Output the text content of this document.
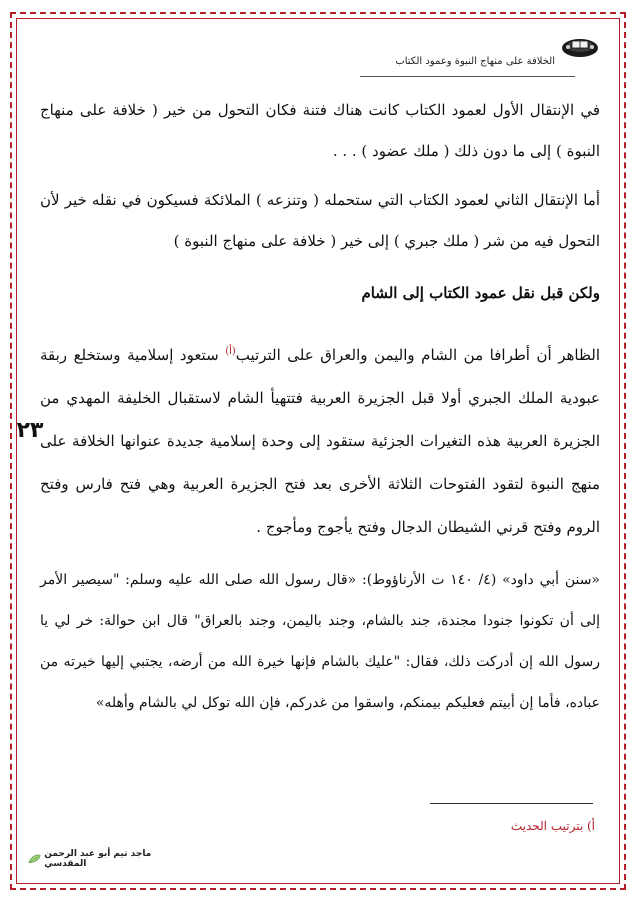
الخلافة على منهاج النبوة وعمود الكتاب
في الإنتقال الأول لعمود الكتاب كانت هناك فتنة فكان التحول من خير ( خلافة على منهاج النبوة ) إلى ما دون ذلك ( ملك عضود ) . . .
أما الإنتقال الثاني لعمود الكتاب التي ستحمله ( وتنزعه ) الملائكة فسيكون في نقله خير لأن التحول فيه من شر ( ملك جبري ) إلى خير ( خلافة على منهاج النبوة )
ولكن قبل نقل عمود الكتاب إلى الشام
الظاهر أن أطرافا من الشام واليمن والعراق على الترتيب$^{(أ)}$ ستعود إسلامية وستخلع ربقة عبودية الملك الجبري أولا قبل الجزيرة العربية فتتهيأ الشام لاستقبال الخليفة المهدي من الجزيرة العربية هذه التغيرات الجزئية ستقود إلى وحدة إسلامية جديدة عنوانها الخلافة على منهج النبوة لتقود الفتوحات الثلاثة الأخرى بعد فتح الجزيرة العربية وهي فتح فارس وفتح الروم وفتح قرني الشيطان الدجال وفتح يأجوج ومأجوج .
٢٣
«سنن أبي داود» (٤/ ١٤٠ ت الأرناؤوط): «قال رسول الله صلى الله عليه وسلم: "سيصير الأمر إلى أن تكونوا جنودا مجندة، جند بالشام، وجند باليمن، وجند بالعراق" قال ابن حوالة: خر لي يا رسول الله إن أدركت ذلك، فقال: "عليك بالشام فإنها خيرة الله من أرضه، يجتبي إليها خيرته من عباده، فأما إن أبيتم فعليكم بيمنكم، واسقوا من غدركم، فإن الله توكل لي بالشام وأهله»
أ) بترتيب الحديث
ماجد تيم أبو عبد الرحمن المقدسي
